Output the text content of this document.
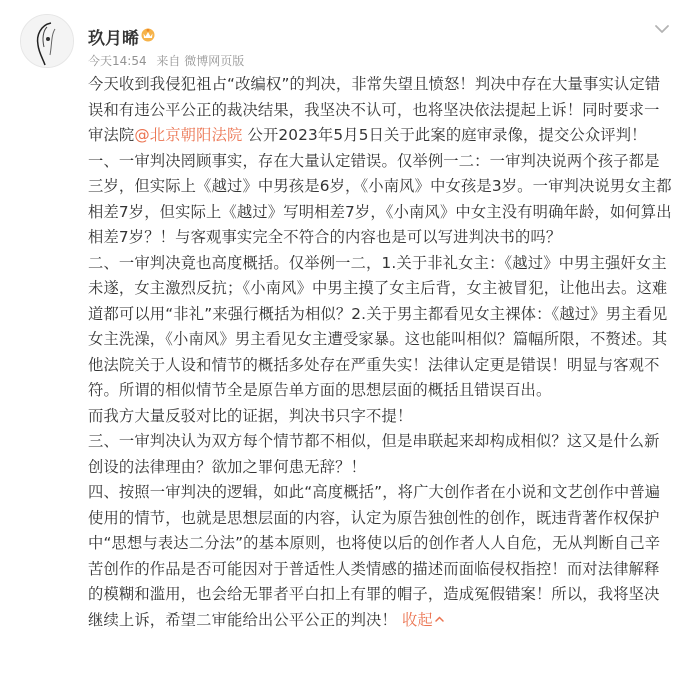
玖月晞
今天14:54 来自 微博网页版

今天收到我侵犯祖占“改编权”的判决，非常失望且愤怒！判决中存在大量事实认定错误和有违公平公正的裁决结果，我坚决不认可，也将坚决依法提起上诉！同时要求一审法院@北京朝阳法院 公开2023年5月5日关于此案的庭审录像，提交公众评判！

一、一审判决罔顾事实，存在大量认定错误。仅举例一二：一审判决说两个孩子都是三岁，但实际上《越过》中男孩是6岁，《小南风》中女孩是3岁。一审判决说男女主都相差7岁，但实际上《越过》写明相差7岁，《小南风》中女主没有明确年龄，如何算出相差7岁？！与客观事实完全不符合的内容也是可以写进判决书的吗？

二、一审判决竟也高度概括。仅举例一二，1.关于非礼女主：《越过》中男主强奸女主未遂，女主激烈反抗；《小南风》中男主摸了女主后背，女主被冒犯，让他出去。这难道都可以用“非礼”来强行概括为相似？2.关于男主都看见女主裸体：《越过》男主看见女主洗澡，《小南风》男主看见女主遭受家暴。这也能叫相似？篇幅所限，不赘述。其他法院关于人设和情节的概括多处存在严重失实！法律认定更是错误！明显与客观不符。所谓的相似情节全是原告单方面的思想层面的概括且错误百出。

而我方大量反驳对比的证据，判决书只字不提！

三、一审判决认为双方每个情节都不相似，但是串联起来却构成相似？这又是什么新创设的法律理由？欲加之罪何患无辞？！

四、按照一审判决的逻辑，如此“高度概括”，将广大创作者在小说和文艺创作中普遍使用的情节，也就是思想层面的内容，认定为原告独创性的创作，既违背著作权保护中“思想与表达二分法”的基本原则，也将使以后的创作者人人自危，无从判断自己辛苦创作的作品是否可能因对于普适性人类情感的描述而面临侵权指控！而对法律解释的模糊和滥用，也会给无罪者平白扣上有罪的帽子，造成冤假错案！所以，我将坚决继续上诉，希望二审能给出公平公正的判决！ 收起
